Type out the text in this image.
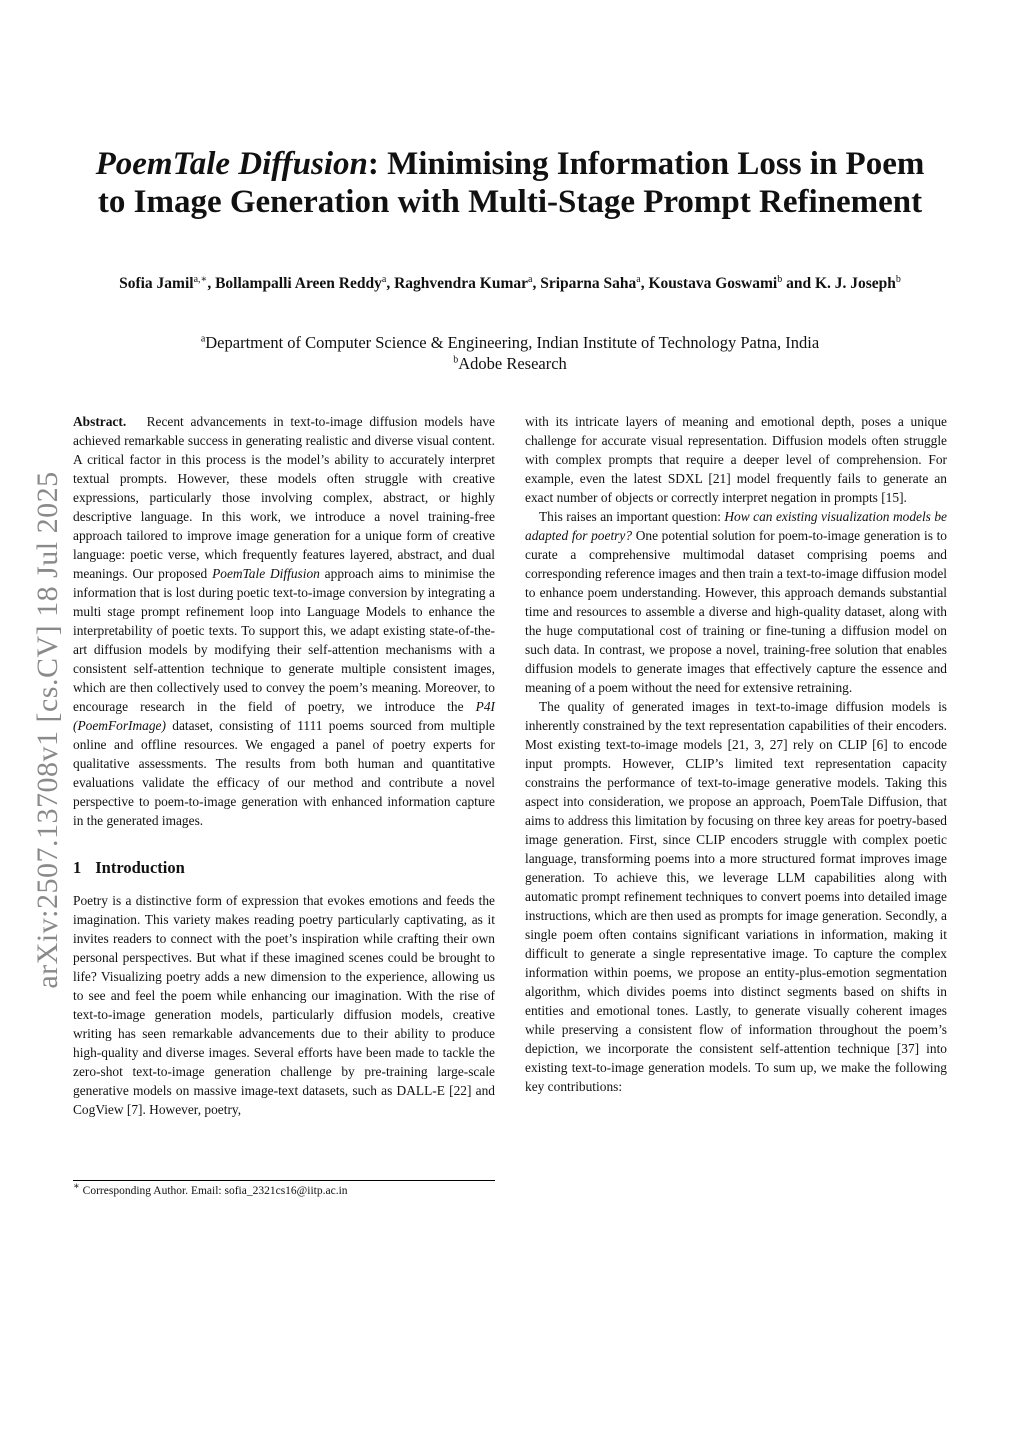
arXiv:2507.13708v1 [cs.CV] 18 Jul 2025
PoemTale Diffusion: Minimising Information Loss in Poem to Image Generation with Multi-Stage Prompt Refinement
Sofia Jamil$^{a,∗}$, Bollampalli Areen Reddy$^a$, Raghvendra Kumar$^a$, Sriparna Saha$^a$, Koustava Goswami$^b$ and K. J. Joseph$^b$
$^a$Department of Computer Science & Engineering, Indian Institute of Technology Patna, India
$^b$Adobe Research

Abstract. Recent advancements in text-to-image diffusion models have achieved remarkable success in generating realistic and diverse visual content. A critical factor in this process is the model’s ability to accurately interpret textual prompts. However, these models often struggle with creative expressions, particularly those involving complex, abstract, or highly descriptive language. In this work, we introduce a novel training-free approach tailored to improve image generation for a unique form of creative language: poetic verse, which frequently features layered, abstract, and dual meanings. Our proposed PoemTale Diffusion approach aims to minimise the information that is lost during poetic text-to-image conversion by integrating a multi stage prompt refinement loop into Language Models to enhance the interpretability of poetic texts. To support this, we adapt existing state-of-the-art diffusion models by modifying their self-attention mechanisms with a consistent self-attention technique to generate multiple consistent images, which are then collectively used to convey the poem’s meaning. Moreover, to encourage research in the field of poetry, we introduce the P4I (PoemForImage) dataset, consisting of 1111 poems sourced from multiple online and offline resources. We engaged a panel of poetry experts for qualitative assessments. The results from both human and quantitative evaluations validate the efficacy of our method and contribute a novel perspective to poem-to-image generation with enhanced information capture in the generated images.

1 Introduction

Poetry is a distinctive form of expression that evokes emotions and feeds the imagination. This variety makes reading poetry particularly captivating, as it invites readers to connect with the poet’s inspiration while crafting their own personal perspectives. But what if these imagined scenes could be brought to life? Visualizing poetry adds a new dimension to the experience, allowing us to see and feel the poem while enhancing our imagination. With the rise of text-to-image generation models, particularly diffusion models, creative writing has seen remarkable advancements due to their ability to produce high-quality and diverse images. Several efforts have been made to tackle the zero-shot text-to-image generation challenge by pre-training large-scale generative models on massive image-text datasets, such as DALL-E [22] and CogView [7]. However, poetry,

∗ Corresponding Author. Email: sofia_2321cs16@iitp.ac.in

with its intricate layers of meaning and emotional depth, poses a unique challenge for accurate visual representation. Diffusion models often struggle with complex prompts that require a deeper level of comprehension. For example, even the latest SDXL [21] model frequently fails to generate an exact number of objects or correctly interpret negation in prompts [15].

This raises an important question: How can existing visualization models be adapted for poetry? One potential solution for poem-to-image generation is to curate a comprehensive multimodal dataset comprising poems and corresponding reference images and then train a text-to-image diffusion model to enhance poem understanding. However, this approach demands substantial time and resources to assemble a diverse and high-quality dataset, along with the huge computational cost of training or fine-tuning a diffusion model on such data. In contrast, we propose a novel, training-free solution that enables diffusion models to generate images that effectively capture the essence and meaning of a poem without the need for extensive retraining.

The quality of generated images in text-to-image diffusion models is inherently constrained by the text representation capabilities of their encoders. Most existing text-to-image models [21, 3, 27] rely on CLIP [6] to encode input prompts. However, CLIP’s limited text representation capacity constrains the performance of text-to-image generative models. Taking this aspect into consideration, we propose an approach, PoemTale Diffusion, that aims to address this limitation by focusing on three key areas for poetry-based image generation. First, since CLIP encoders struggle with complex poetic language, transforming poems into a more structured format improves image generation. To achieve this, we leverage LLM capabilities along with automatic prompt refinement techniques to convert poems into detailed image instructions, which are then used as prompts for image generation. Secondly, a single poem often contains significant variations in information, making it difficult to generate a single representative image. To capture the complex information within poems, we propose an entity-plus-emotion segmentation algorithm, which divides poems into distinct segments based on shifts in entities and emotional tones. Lastly, to generate visually coherent images while preserving a consistent flow of information throughout the poem’s depiction, we incorporate the consistent self-attention technique [37] into existing text-to-image generation models. To sum up, we make the following key contributions:
